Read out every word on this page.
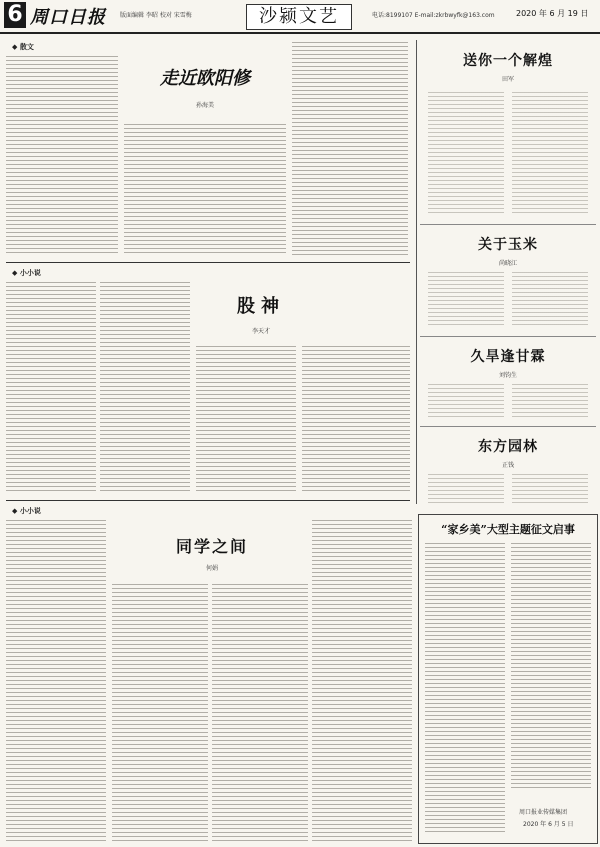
6 周口日报 版面编辑 李昭 校对 宋雪梅	沙颍文艺	电话:8199107 E-mail:zkrbwyfk@163.com	2020 年 6 月 19 日
◆ 散文
走近欧阳修
孙海美
◆ 小小说
股神
李天才
◆ 小小说
同学之间
何娟
送你一个解煌
田军
关于玉米
尚晓江
久旱逢甘霖
刘钧生
东方园林
正钱
“家乡美”大型主题征文启事
周口报业传媒集团
2020 年 6 月 5 日
